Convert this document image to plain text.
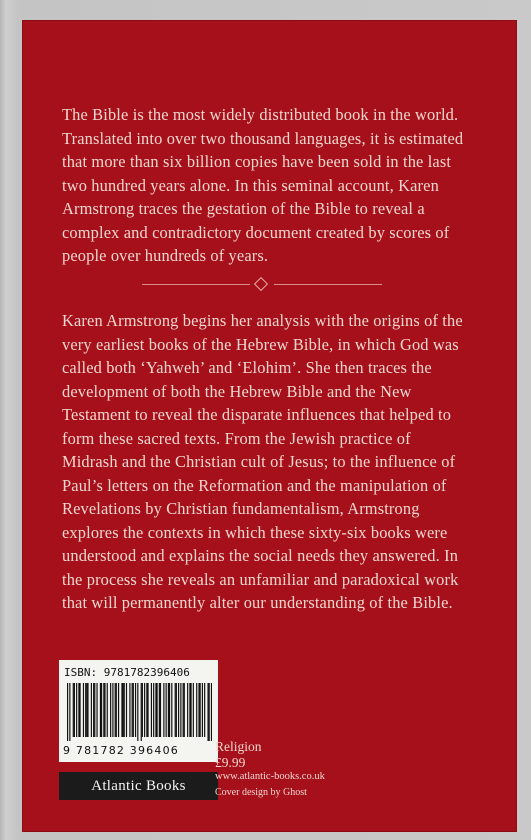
The Bible is the most widely distributed book in the world. Translated into over two thousand languages, it is estimated that more than six billion copies have been sold in the last two hundred years alone. In this seminal account, Karen Armstrong traces the gestation of the Bible to reveal a complex and contradictory document created by scores of people over hundreds of years.

Karen Armstrong begins her analysis with the origins of the very earliest books of the Hebrew Bible, in which God was called both ‘Yahweh’ and ‘Elohim’. She then traces the development of both the Hebrew Bible and the New Testament to reveal the disparate influences that helped to form these sacred texts. From the Jewish practice of Midrash and the Christian cult of Jesus; to the influence of Paul’s letters on the Reformation and the manipulation of Revelations by Christian fundamentalism, Armstrong explores the contexts in which these sixty-six books were understood and explains the social needs they answered. In the process she reveals an unfamiliar and paradoxical work that will permanently alter our understanding of the Bible.

ISBN: 9781782396406
9 781782 396406
Atlantic Books
Religion
£9.99
www.atlantic-books.co.uk
Cover design by Ghost
